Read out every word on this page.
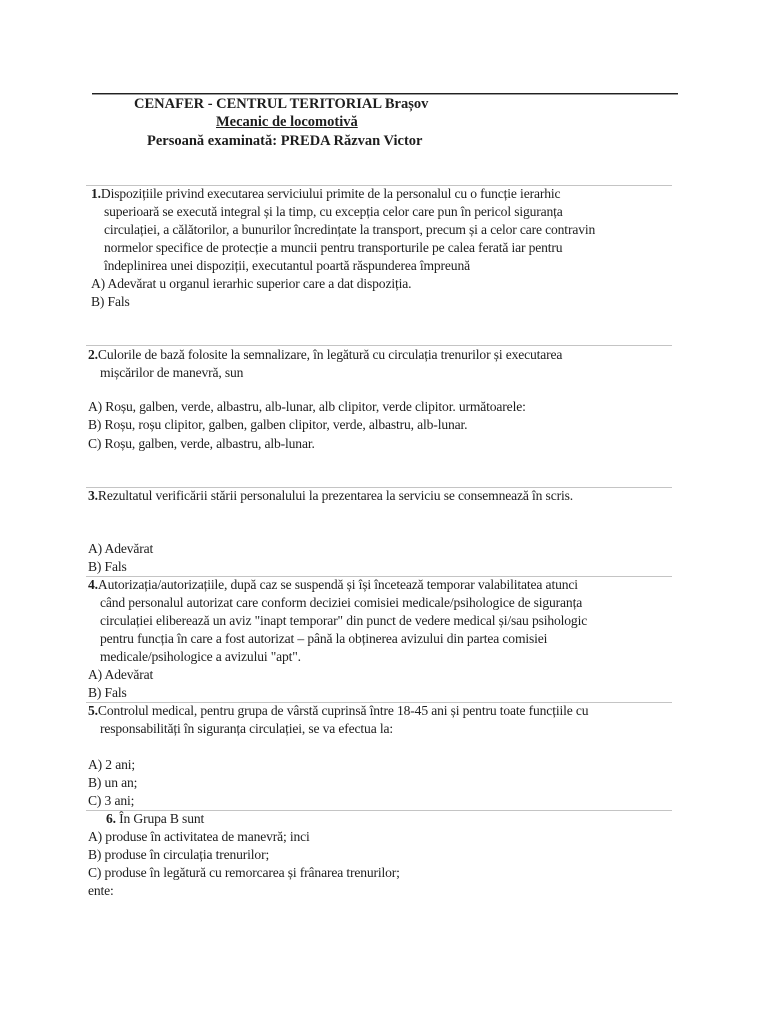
CENAFER - CENTRUL TERITORIAL Brașov
Mecanic de locomotivă
Persoană examinată: PREDA Răzvan Victor
1.Dispozițiile privind executarea serviciului primite de la personalul cu o funcție ierarhic
superioară se execută integral și la timp, cu excepția celor care pun în pericol siguranța
circulației, a călătorilor, a bunurilor încredințate la transport, precum și a celor care contravin
normelor specifice de protecție a muncii pentru transporturile pe calea ferată iar pentru
îndeplinirea unei dispoziții, executantul poartă răspunderea împreună
A) Adevărat u organul ierarhic superior care a dat dispoziția.
B) Fals
2.Culorile de bază folosite la semnalizare, în legătură cu circulația trenurilor și executarea
mișcărilor de manevră, sun
A) Roșu, galben, verde, albastru, alb-lunar, alb clipitor, verde clipitor. următoarele:
B) Roșu, roșu clipitor, galben, galben clipitor, verde, albastru, alb-lunar.
C) Roșu, galben, verde, albastru, alb-lunar.
3.Rezultatul verificării stării personalului la prezentarea la serviciu se consemnează în scris.
A) Adevărat
B) Fals
4.Autorizația/autorizațiile, după caz se suspendă și își încetează temporar valabilitatea atunci
când personalul autorizat care conform deciziei comisiei medicale/psihologice de siguranța
circulației eliberează un aviz "inapt temporar" din punct de vedere medical și/sau psihologic
pentru funcția în care a fost autorizat – până la obținerea avizului din partea comisiei
medicale/psihologice a avizului "apt".
A) Adevărat
B) Fals
5.Controlul medical, pentru grupa de vârstă cuprinsă între 18-45 ani și pentru toate funcțiile cu
responsabilități în siguranța circulației, se va efectua la:
A) 2 ani;
B) un an;
C) 3 ani;
6. În Grupa B sunt
A) produse în activitatea de manevră; inci
B) produse în circulația trenurilor;
C) produse în legătură cu remorcarea și frânarea trenurilor;
ente:
